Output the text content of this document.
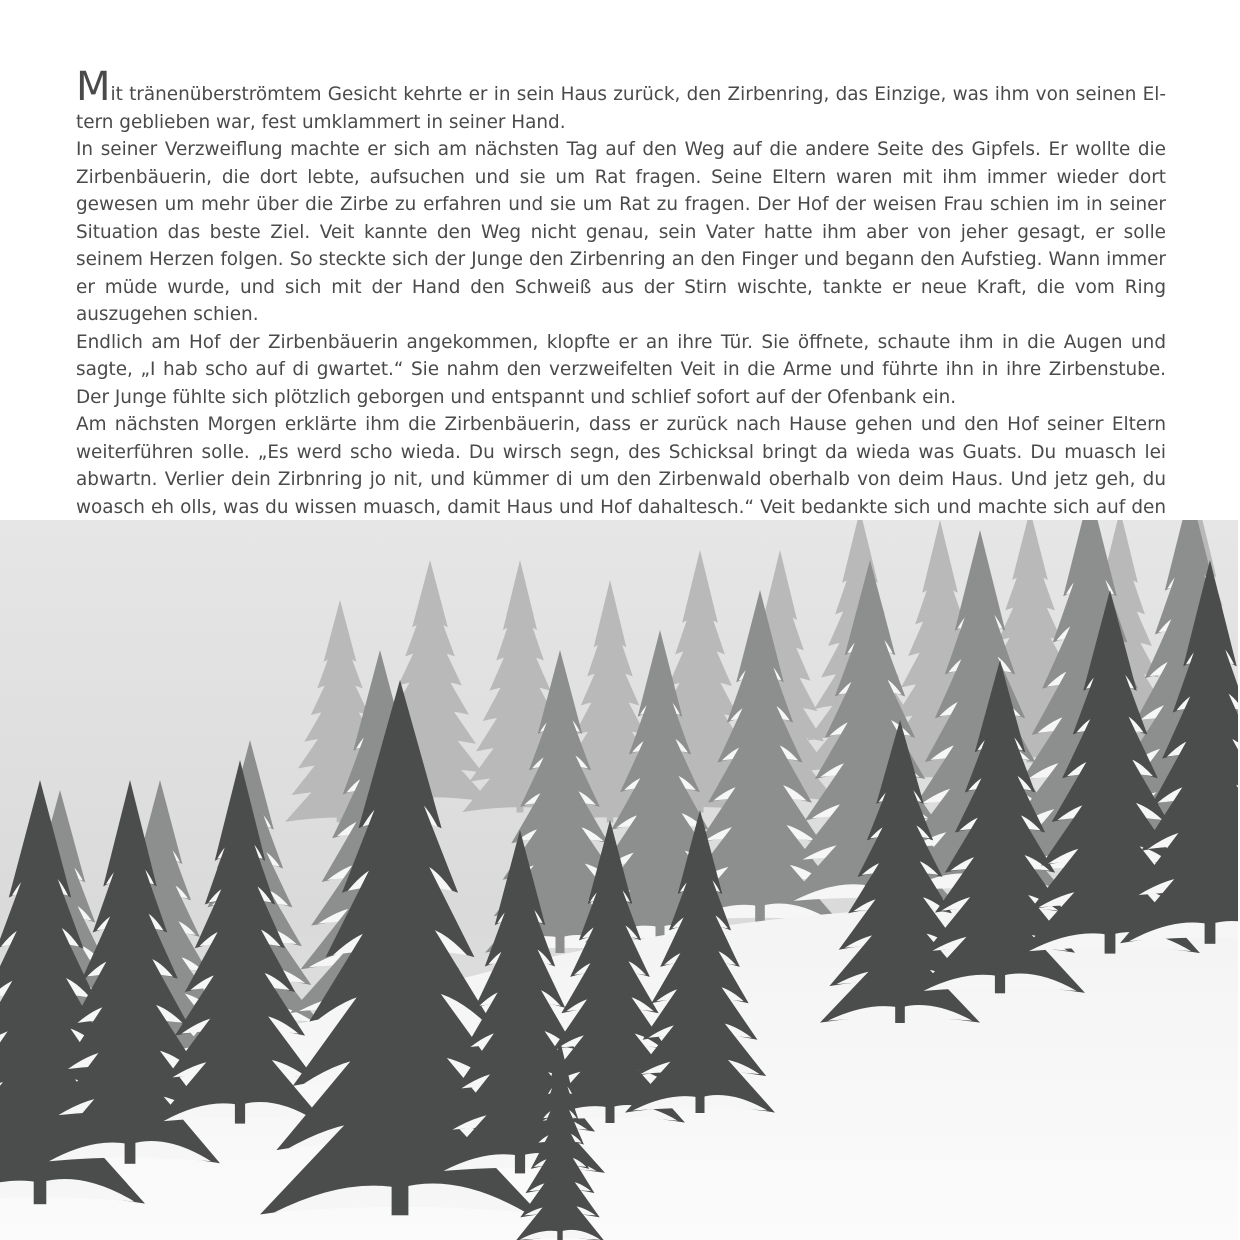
Mit tränenüberströmtem Gesicht kehrte er in sein Haus zurück, den Zirbenring, das Einzige, was ihm von seinen Eltern geblieben war, fest umklammert in seiner Hand.

In seiner Verzweiflung machte er sich am nächsten Tag auf den Weg auf die andere Seite des Gipfels. Er wollte die Zirbenbäuerin, die dort lebte, aufsuchen und sie um Rat fragen. Seine Eltern waren mit ihm immer wieder dort gewesen um mehr über die Zirbe zu erfahren und sie um Rat zu fragen. Der Hof der weisen Frau schien im in seiner Situation das beste Ziel. Veit kannte den Weg nicht genau, sein Vater hatte ihm aber von jeher gesagt, er solle seinem Herzen folgen. So steckte sich der Junge den Zirbenring an den Finger und begann den Aufstieg. Wann immer er müde wurde, und sich mit der Hand den Schweiß aus der Stirn wischte, tankte er neue Kraft, die vom Ring auszugehen schien.

Endlich am Hof der Zirbenbäuerin angekommen, klopfte er an ihre Tür. Sie öffnete, schaute ihm in die Augen und sagte, „I hab scho auf di gwartet.“ Sie nahm den verzweifelten Veit in die Arme und führte ihn in ihre Zirbenstube. Der Junge fühlte sich plötzlich geborgen und entspannt und schlief sofort auf der Ofenbank ein.

Am nächsten Morgen erklärte ihm die Zirbenbäuerin, dass er zurück nach Hause gehen und den Hof seiner Eltern weiterführen solle. „Es werd scho wieda. Du wirsch segn, des Schicksal bringt da wieda was Guats. Du muasch lei abwartn. Verlier dein Zirbnring jo nit, und kümmer di um den Zirbenwald oberhalb von deim Haus. Und jetz geh, du woasch eh olls, was du wissen muasch, damit Haus und Hof dahaltesch.“ Veit bedankte sich und machte sich auf den
